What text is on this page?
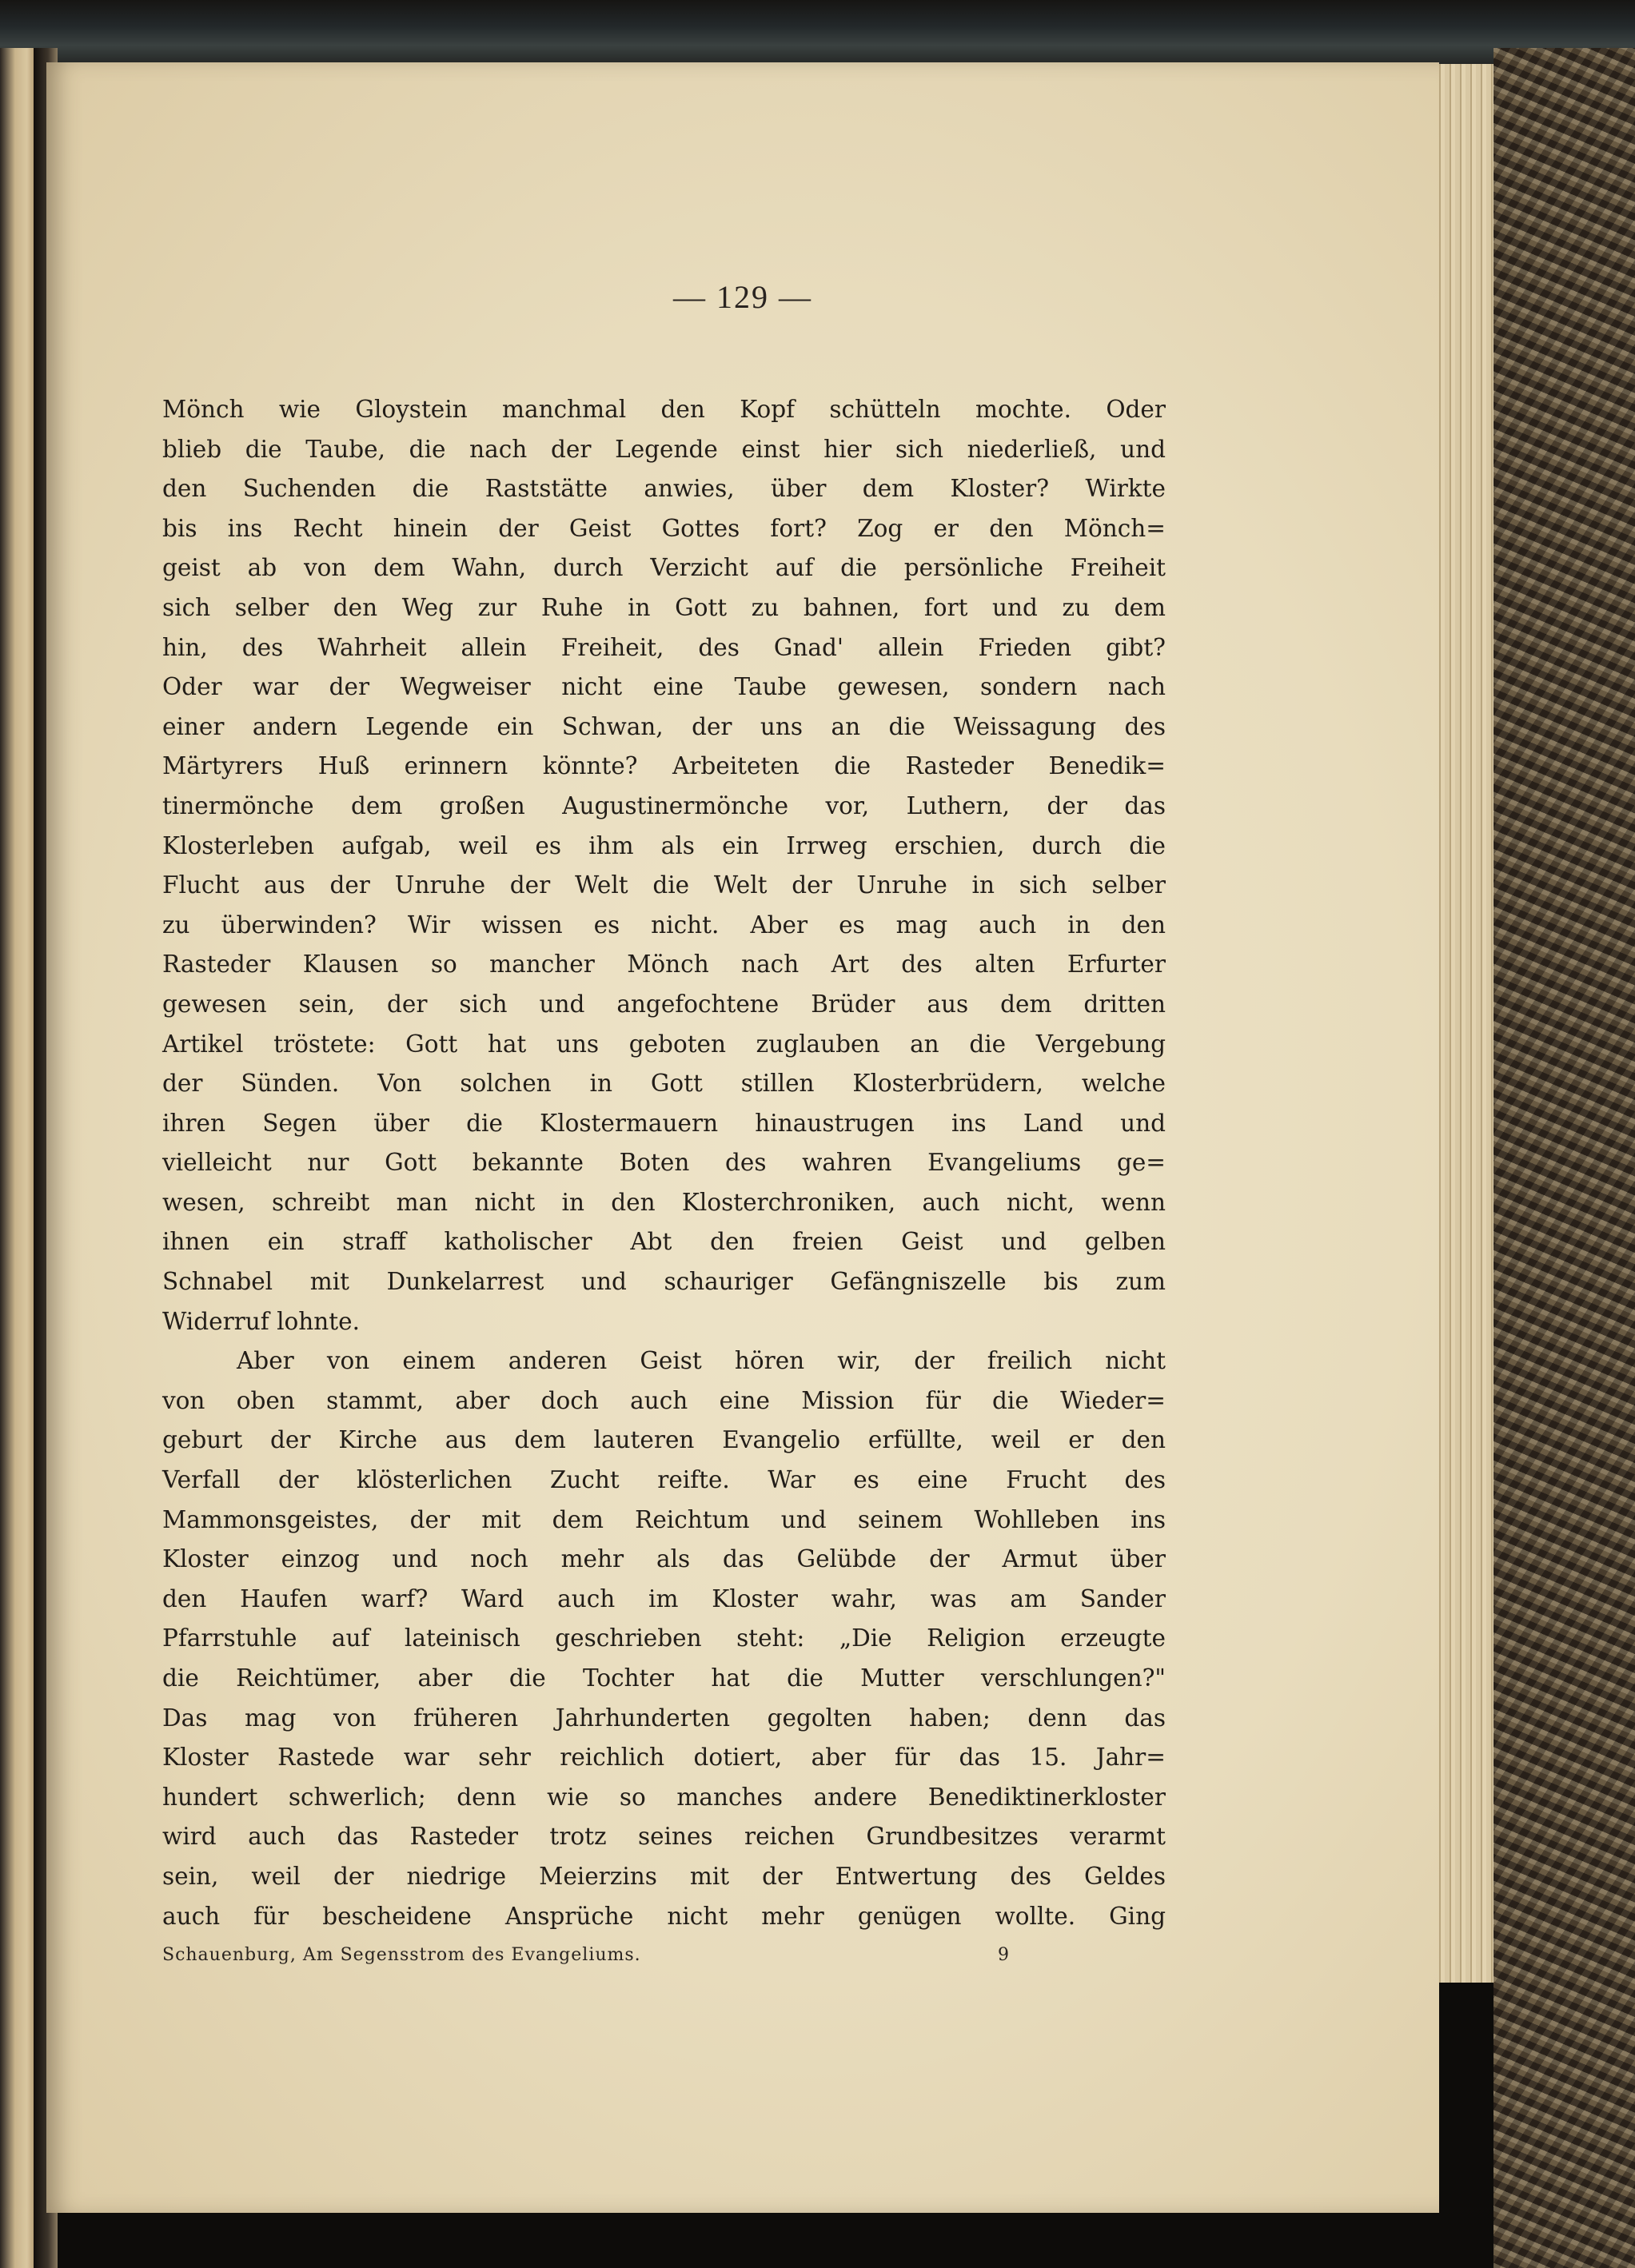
— 129 —
Mönch wie Gloystein manchmal den Kopf schütteln mochte. Oder
blieb die Taube, die nach der Legende einst hier sich niederließ, und
den Suchenden die Raststätte anwies, über dem Kloster? Wirkte
bis ins Recht hinein der Geist Gottes fort? Zog er den Mönch=
geist ab von dem Wahn, durch Verzicht auf die persönliche Freiheit
sich selber den Weg zur Ruhe in Gott zu bahnen, fort und zu dem
hin, des Wahrheit allein Freiheit, des Gnad' allein Frieden gibt?
Oder war der Wegweiser nicht eine Taube gewesen, sondern nach
einer andern Legende ein Schwan, der uns an die Weissagung des
Märtyrers Huß erinnern könnte? Arbeiteten die Rasteder Benedik=
tinermönche dem großen Augustinermönche vor, Luthern, der das
Klosterleben aufgab, weil es ihm als ein Irrweg erschien, durch die
Flucht aus der Unruhe der Welt die Welt der Unruhe in sich selber
zu überwinden? Wir wissen es nicht. Aber es mag auch in den
Rasteder Klausen so mancher Mönch nach Art des alten Erfurter
gewesen sein, der sich und angefochtene Brüder aus dem dritten
Artikel tröstete: Gott hat uns geboten zuglauben an die Vergebung
der Sünden. Von solchen in Gott stillen Klosterbrüdern, welche
ihren Segen über die Klostermauern hinaustrugen ins Land und
vielleicht nur Gott bekannte Boten des wahren Evangeliums ge=
wesen, schreibt man nicht in den Klosterchroniken, auch nicht, wenn
ihnen ein straff katholischer Abt den freien Geist und gelben
Schnabel mit Dunkelarrest und schauriger Gefängniszelle bis zum
Widerruf lohnte.
Aber von einem anderen Geist hören wir, der freilich nicht
von oben stammt, aber doch auch eine Mission für die Wieder=
geburt der Kirche aus dem lauteren Evangelio erfüllte, weil er den
Verfall der klösterlichen Zucht reifte. War es eine Frucht des
Mammonsgeistes, der mit dem Reichtum und seinem Wohlleben ins
Kloster einzog und noch mehr als das Gelübde der Armut über
den Haufen warf? Ward auch im Kloster wahr, was am Sander
Pfarrstuhle auf lateinisch geschrieben steht: „Die Religion erzeugte
die Reichtümer, aber die Tochter hat die Mutter verschlungen?"
Das mag von früheren Jahrhunderten gegolten haben; denn das
Kloster Rastede war sehr reichlich dotiert, aber für das 15. Jahr=
hundert schwerlich; denn wie so manches andere Benediktinerkloster
wird auch das Rasteder trotz seines reichen Grundbesitzes verarmt
sein, weil der niedrige Meierzins mit der Entwertung des Geldes
auch für bescheidene Ansprüche nicht mehr genügen wollte. Ging
Schauenburg, Am Segensstrom des Evangeliums.	9
